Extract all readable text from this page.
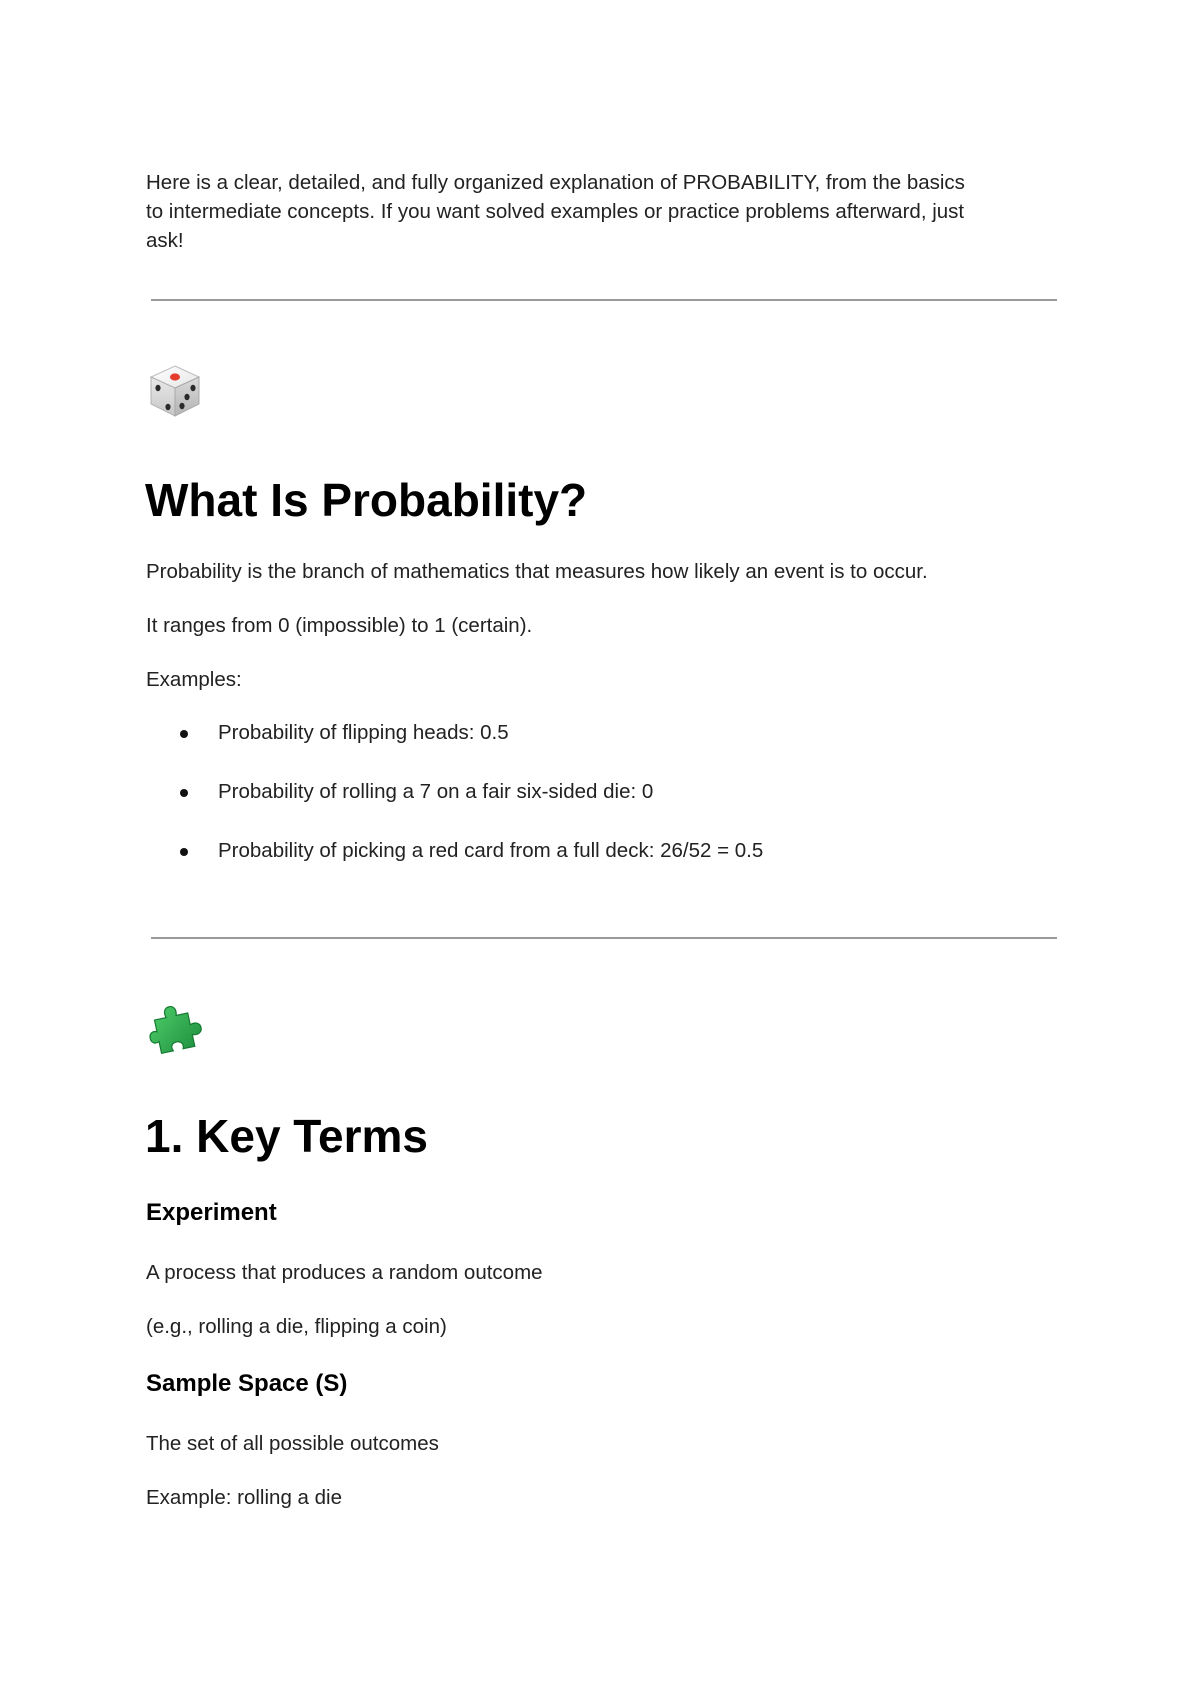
Here is a clear, detailed, and fully organized explanation of PROBABILITY, from the basics
to intermediate concepts. If you want solved examples or practice problems afterward, just
ask!
What Is Probability?
Probability is the branch of mathematics that measures how likely an event is to occur.
It ranges from 0 (impossible) to 1 (certain).
Examples:
Probability of flipping heads: 0.5
Probability of rolling a 7 on a fair six-sided die: 0
Probability of picking a red card from a full deck: 26/52 = 0.5
1. Key Terms
Experiment
A process that produces a random outcome
(e.g., rolling a die, flipping a coin)
Sample Space (S)
The set of all possible outcomes
Example: rolling a die
